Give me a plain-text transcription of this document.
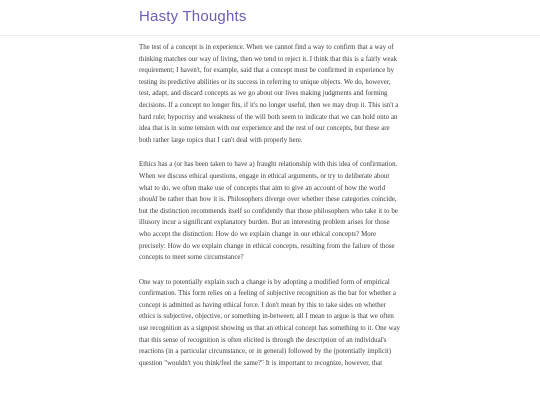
Hasty Thoughts

The test of a concept is in experience. When we cannot find a way to confirm that a way of thinking matches our way of living, then we tend to reject it. I think that this is a fairly weak requirement; I haven't, for example, said that a concept must be confirmed in experience by testing its predictive abilities or its success in referring to unique objects. We do, however, test, adapt, and discard concepts as we go about our lives making judgments and forming decisions. If a concept no longer fits, if it's no longer useful, then we may drop it. This isn't a hard rule; hypocrisy and weakness of the will both seem to indicate that we can hold onto an idea that is in some tension with our experience and the rest of our concepts, but these are both rather large topics that I can't deal with properly here.

Ethics has a (or has been taken to have a) fraught relationship with this idea of confirmation. When we discuss ethical questions, engage in ethical arguments, or try to deliberate about what to do, we often make use of concepts that aim to give an account of how the world should be rather than how it is. Philosophers diverge over whether these categories coincide, but the distinction recommends itself so confidently that those philosophers who take it to be illusory incur a significant explanatory burden. But an interesting problem arises for those who accept the distinction: How do we explain change in our ethical concepts? More precisely: How do we explain change in ethical concepts, resulting from the failure of those concepts to meet some circumstance?

One way to potentially explain such a change is by adopting a modified form of empirical confirmation. This form relies on a feeling of subjective recognition as the bar for whether a concept is admitted as having ethical force. I don't mean by this to take sides on whether ethics is subjective, objective, or something in-between; all I mean to argue is that we often use recognition as a signpost showing us that an ethical concept has something to it. One way that this sense of recognition is often elicited is through the description of an individual's reactions (in a particular circumstance, or in general) followed by the (potentially implicit) question "wouldn't you think/feel the same?" It is important to recognize, however, that
